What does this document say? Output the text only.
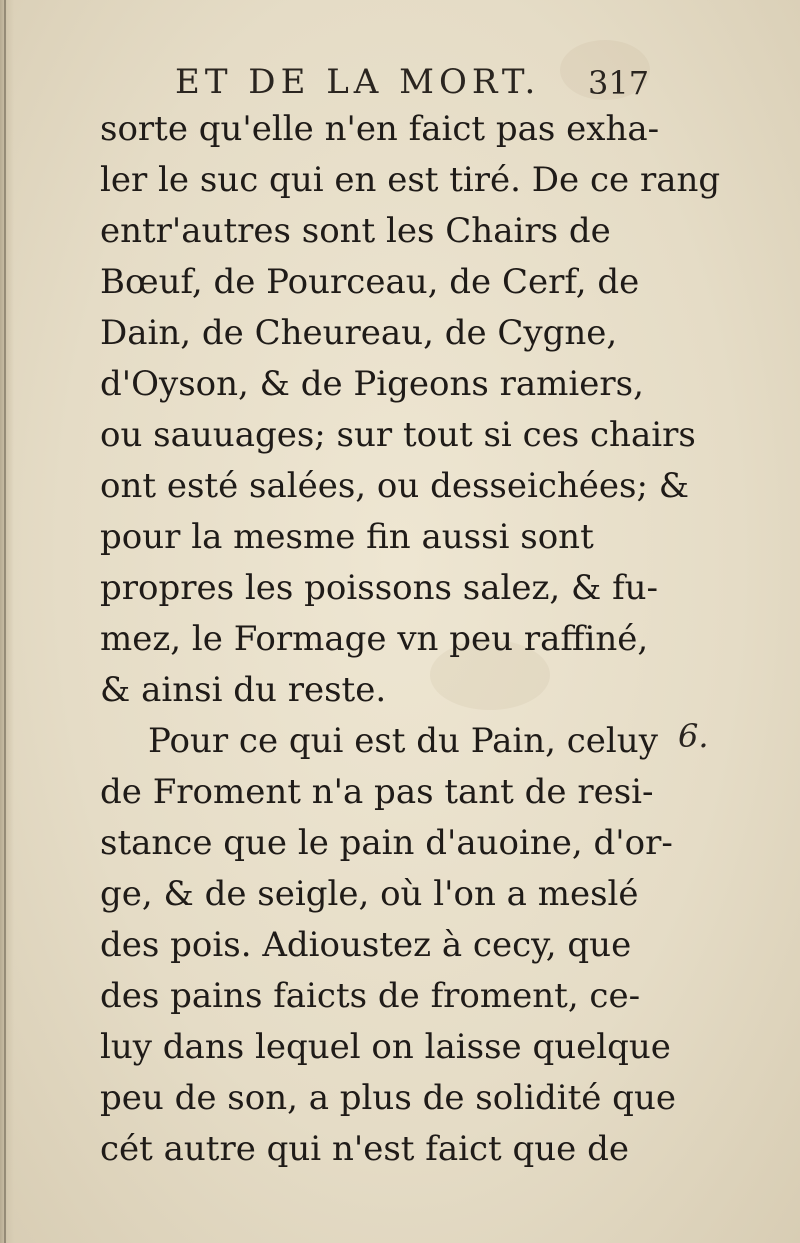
ET DE LA MORT. 317
sorte qu'elle n'en faict pas exha-
ler le suc qui en est tiré. De ce rang
entr'autres sont les Chairs de
Bœuf, de Pourceau, de Cerf, de
Dain, de Cheureau, de Cygne,
d'Oyson, & de Pigeons ramiers,
ou sauuages; sur tout si ces chairs
ont esté salées, ou desseichées; &
pour la mesme fin aussi sont
propres les poissons salez, & fu-
mez, le Formage vn peu raffiné,
& ainsi du reste.
Pour ce qui est du Pain, celuy
de Froment n'a pas tant de resi-
stance que le pain d'auoine, d'or-
ge, & de seigle, où l'on a meslé
des pois. Adioustez à cecy, que
des pains faicts de froment, ce-
luy dans lequel on laisse quelque
peu de son, a plus de solidité que
cét autre qui n'est faict que de
6.
